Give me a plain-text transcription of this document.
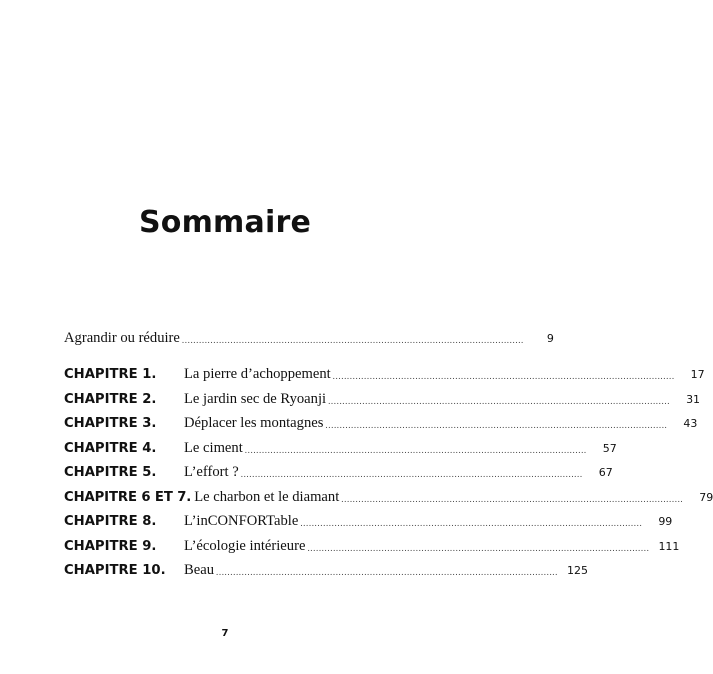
Sommaire
Agrandir ou réduire ........................................................................................................................	9
CHAPITRE 1.	La pierre d’achoppement ........................................................................................................................	17
CHAPITRE 2.	Le jardin sec de Ryoanji ........................................................................................................................	31
CHAPITRE 3.	Déplacer les montagnes ........................................................................................................................	43
CHAPITRE 4.	Le ciment ........................................................................................................................	57
CHAPITRE 5.	L’effort ? ........................................................................................................................	67
CHAPITRE 6 ET 7. Le charbon et le diamant ........................................................................................................................	79
CHAPITRE 8.	L’inCONFORTable ........................................................................................................................	99
CHAPITRE 9.	L’écologie intérieure ........................................................................................................................ 111
CHAPITRE 10.	Beau ........................................................................................................................ 125
7
